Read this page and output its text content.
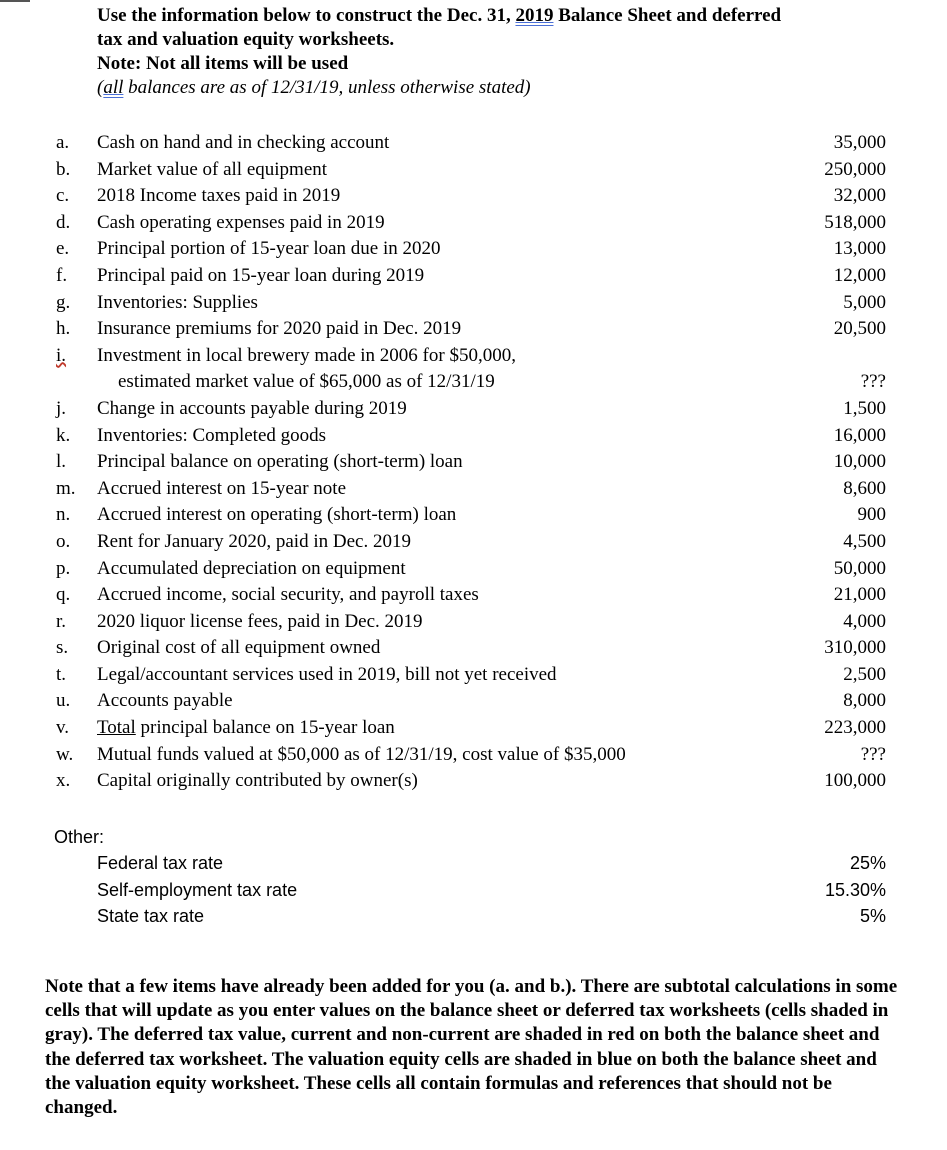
Use the information below to construct the Dec. 31, 2019 Balance Sheet and deferred
tax and valuation equity worksheets.
Note: Not all items will be used
(all balances are as of 12/31/19, unless otherwise stated)
a. Cash on hand and in checking account	35,000
b. Market value of all equipment	250,000
c. 2018 Income taxes paid in 2019	32,000
d. Cash operating expenses paid in 2019	518,000
e. Principal portion of 15-year loan due in 2020	13,000
f. Principal paid on 15-year loan during 2019	12,000
g. Inventories: Supplies	5,000
h. Insurance premiums for 2020 paid in Dec. 2019	20,500
i. Investment in local brewery made in 2006 for $50,000,
estimated market value of $65,000 as of 12/31/19	???
j. Change in accounts payable during 2019	1,500
k. Inventories: Completed goods	16,000
l. Principal balance on operating (short-term) loan	10,000
m. Accrued interest on 15-year note	8,600
n. Accrued interest on operating (short-term) loan	900
o. Rent for January 2020, paid in Dec. 2019	4,500
p. Accumulated depreciation on equipment	50,000
q. Accrued income, social security, and payroll taxes	21,000
r. 2020 liquor license fees, paid in Dec. 2019	4,000
s. Original cost of all equipment owned	310,000
t. Legal/accountant services used in 2019, bill not yet received	2,500
u. Accounts payable	8,000
v. Total principal balance on 15-year loan	223,000
w. Mutual funds valued at $50,000 as of 12/31/19, cost value of $35,000	???
x. Capital originally contributed by owner(s)	100,000
Other:
Federal tax rate	25%
Self-employment tax rate	15.30%
State tax rate	5%
Note that a few items have already been added for you (a. and b.). There are subtotal calculations in some cells that will update as you enter values on the balance sheet or deferred tax worksheets (cells shaded in gray). The deferred tax value, current and non-current are shaded in red on both the balance sheet and the deferred tax worksheet. The valuation equity cells are shaded in blue on both the balance sheet and the valuation equity worksheet. These cells all contain formulas and references that should not be changed.
